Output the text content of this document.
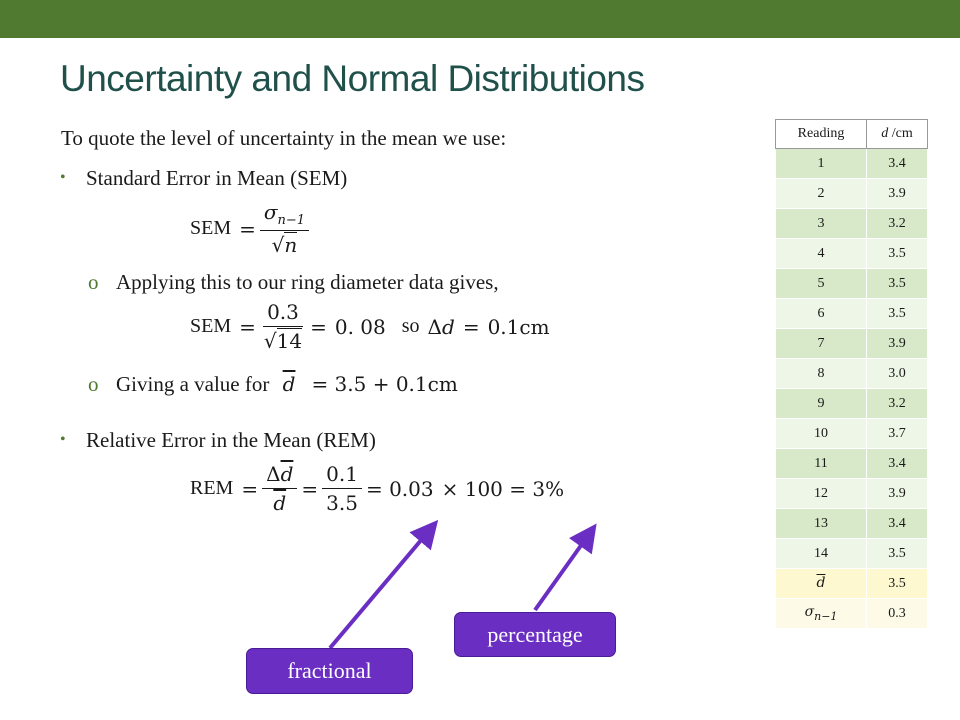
Uncertainty and Normal Distributions
To quote the level of uncertainty in the mean we use:
• Standard Error in Mean (SEM)
SEM = $\frac{\sigma_{n-1}}{√n}$
o Applying this to our ring diameter data gives,
SEM = $\frac{0.3}{√14} = 0$. 08 so Δ d = 0.1cm
o Giving a value for $\overline{d} = 3.5 + 0.1cm$
• Relative Error in the Mean (REM)
REM = $\frac{\Delta\overline{d}}{d} = \frac{0.1}{3.5} = 0.03 \times 100 = 3\%$
Reading	d /cm
1	3.4
2	3.9
3	3.2
4	3.5
5	3.5
6	3.5
7	3.9
8	3.0
9	3.2
10	3.7
11	3.4
12	3.9
13	3.4
14	3.5
$\overline{d}$	3.5
$\sigma_{n-1}$	0.3
percentage
fractional
